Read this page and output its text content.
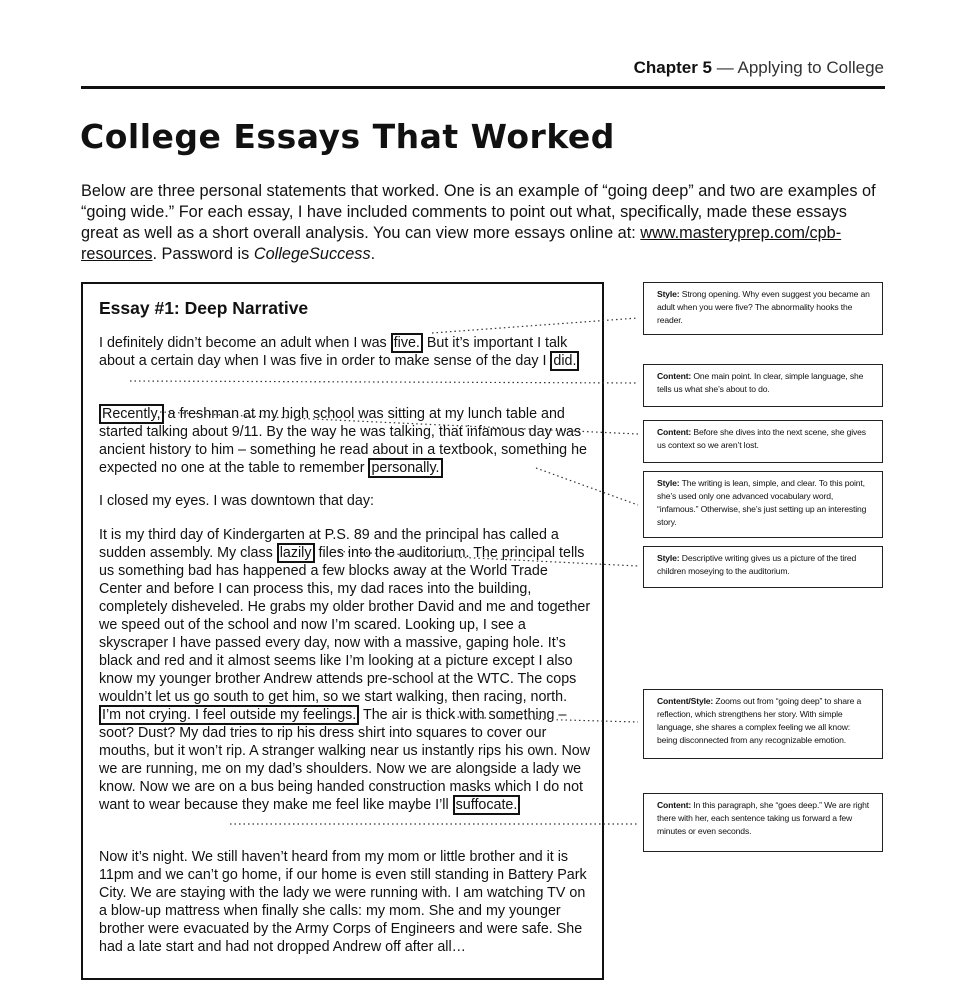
Chapter 5 — Applying to College
College Essays That Worked
Below are three personal statements that worked. One is an example of “going deep” and two are examples of “going wide.” For each essay, I have included comments to point out what, specifically, made these essays great as well as a short overall analysis. You can view more essays online at: www.masteryprep.com/cpb-resources. Password is CollegeSuccess.
Essay #1: Deep Narrative
I definitely didn’t become an adult when I was five. But it’s important I talk about a certain day when I was five in order to make sense of the day I did.
Recently, a freshman at my high school was sitting at my lunch table and started talking about 9/11. By the way he was talking, that infamous day was ancient history to him – something he read about in a textbook, something he expected no one at the table to remember personally.
I closed my eyes. I was downtown that day:
It is my third day of Kindergarten at P.S. 89 and the principal has called a sudden assembly. My class lazily files into the auditorium. The principal tells us something bad has happened a few blocks away at the World Trade Center and before I can process this, my dad races into the building, completely disheveled. He grabs my older brother David and me and together we speed out of the school and now I’m scared. Looking up, I see a skyscraper I have passed every day, now with a massive, gaping hole. It’s black and red and it almost seems like I’m looking at a picture except I also know my younger brother Andrew attends pre-school at the WTC. The cops wouldn’t let us go south to get him, so we start walking, then racing, north. I’m not crying. I feel outside my feelings. The air is thick with something – soot? Dust? My dad tries to rip his dress shirt into squares to cover our mouths, but it won’t rip. A stranger walking near us instantly rips his own. Now we are running, me on my dad’s shoulders. Now we are alongside a lady we know. Now we are on a bus being handed construction masks which I do not want to wear because they make me feel like maybe I’ll suffocate.
Now it’s night. We still haven’t heard from my mom or little brother and it is 11pm and we can’t go home, if our home is even still standing in Battery Park City. We are staying with the lady we were running with. I am watching TV on a blow-up mattress when finally she calls: my mom. She and my younger brother were evacuated by the Army Corps of Engineers and were safe. She had a late start and had not dropped Andrew off after all…
Style: Strong opening. Why even suggest you became an adult when you were five? The abnormality hooks the reader.
Content: One main point. In clear, simple language, she tells us what she’s about to do.
Content: Before she dives into the next scene, she gives us context so we aren’t lost.
Style: The writing is lean, simple, and clear. To this point, she’s used only one advanced vocabulary word, “infamous.” Otherwise, she’s just setting up an interesting story.
Style: Descriptive writing gives us a picture of the tired children moseying to the auditorium.
Content/Style: Zooms out from “going deep” to share a reflection, which strengthens her story. With simple language, she shares a complex feeling we all know: being disconnected from any recognizable emotion.
Content: In this paragraph, she “goes deep.” We are right there with her, each sentence taking us forward a few minutes or even seconds.
